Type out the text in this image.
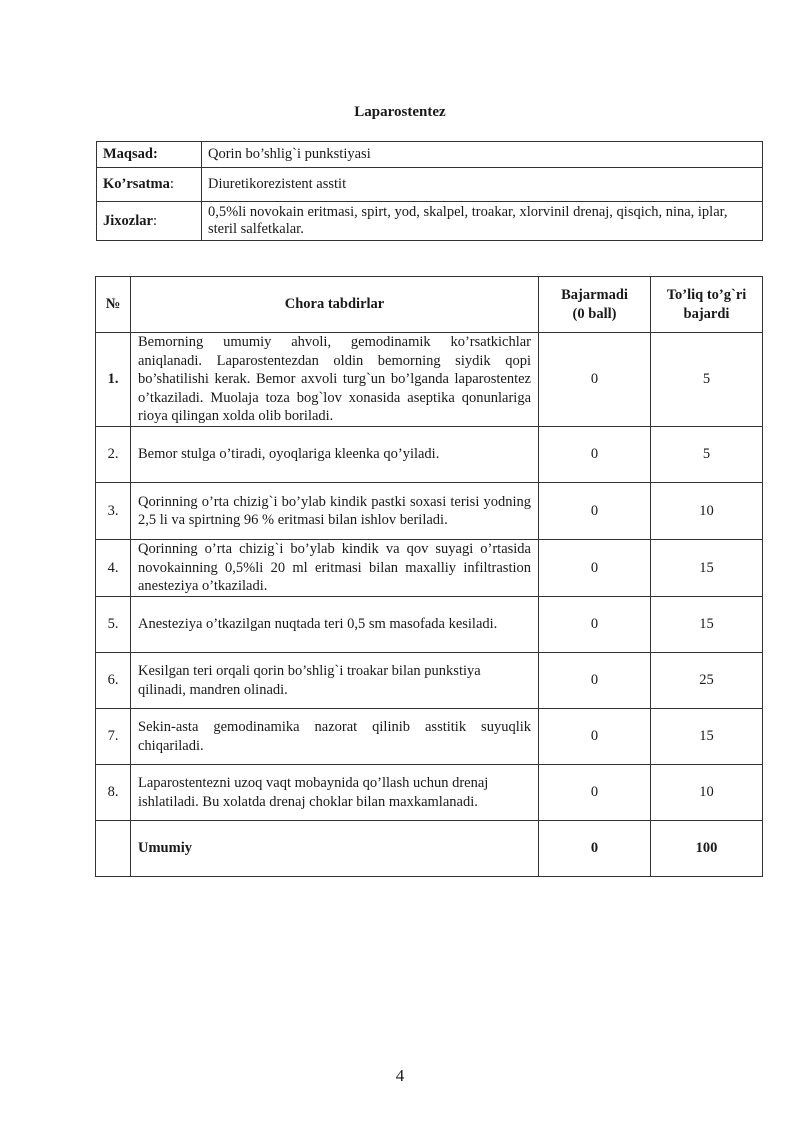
Laparostentez
Maqsad:	Qorin bo’shlig`i punkstiyasi
Ko’rsatma:	Diuretikorezistent asstit
Jixozlar:	0,5%li novokain eritmasi, spirt, yod, skalpel, troakar, xlorvinil drenaj, qisqich, nina, iplar, steril salfetkalar.
№	Chora tabdirlar	Bajarmadi (0 ball)	To’liq to’g`ri bajardi

1.	Bemorning umumiy ahvoli, gemodinamik ko’rsatkichlar aniqlanadi. Laparostentezdan oldin bemorning siydik qopi bo’shatilishi kerak. Bemor axvoli turg`un bo’lganda laparostentez o’tkaziladi. Muolaja toza bog`lov xonasida aseptika qonunlariga rioya qilingan xolda olib boriladi.	0	5
2.	Bemor stulga o’tiradi, oyoqlariga kleenka qo’yiladi.	0	5
3.	Qorinning o’rta chizig`i bo’ylab kindik pastki soxasi terisi yodning 2,5 li va spirtning 96 % eritmasi bilan ishlov beriladi.	0	10
4.	Qorinning o’rta chizig`i bo’ylab kindik va qov suyagi o’rtasida novokainning 0,5%li 20 ml eritmasi bilan maxalliy infiltrastion anesteziya o’tkaziladi.	0	15
5.	Anesteziya o’tkazilgan nuqtada teri 0,5 sm masofada kesiladi.	0	15
6.	Kesilgan teri orqali qorin bo’shlig`i troakar bilan punkstiya qilinadi, mandren olinadi.	0	25
7.	Sekin-asta gemodinamika nazorat qilinib asstitik suyuqlik chiqariladi.	0	15
8.	Laparostentezni uzoq vaqt mobaynida qo’llash uchun drenaj ishlatiladi. Bu xolatda drenaj choklar bilan maxkamlanadi.	0	10
	Umumiy	0	100
4
